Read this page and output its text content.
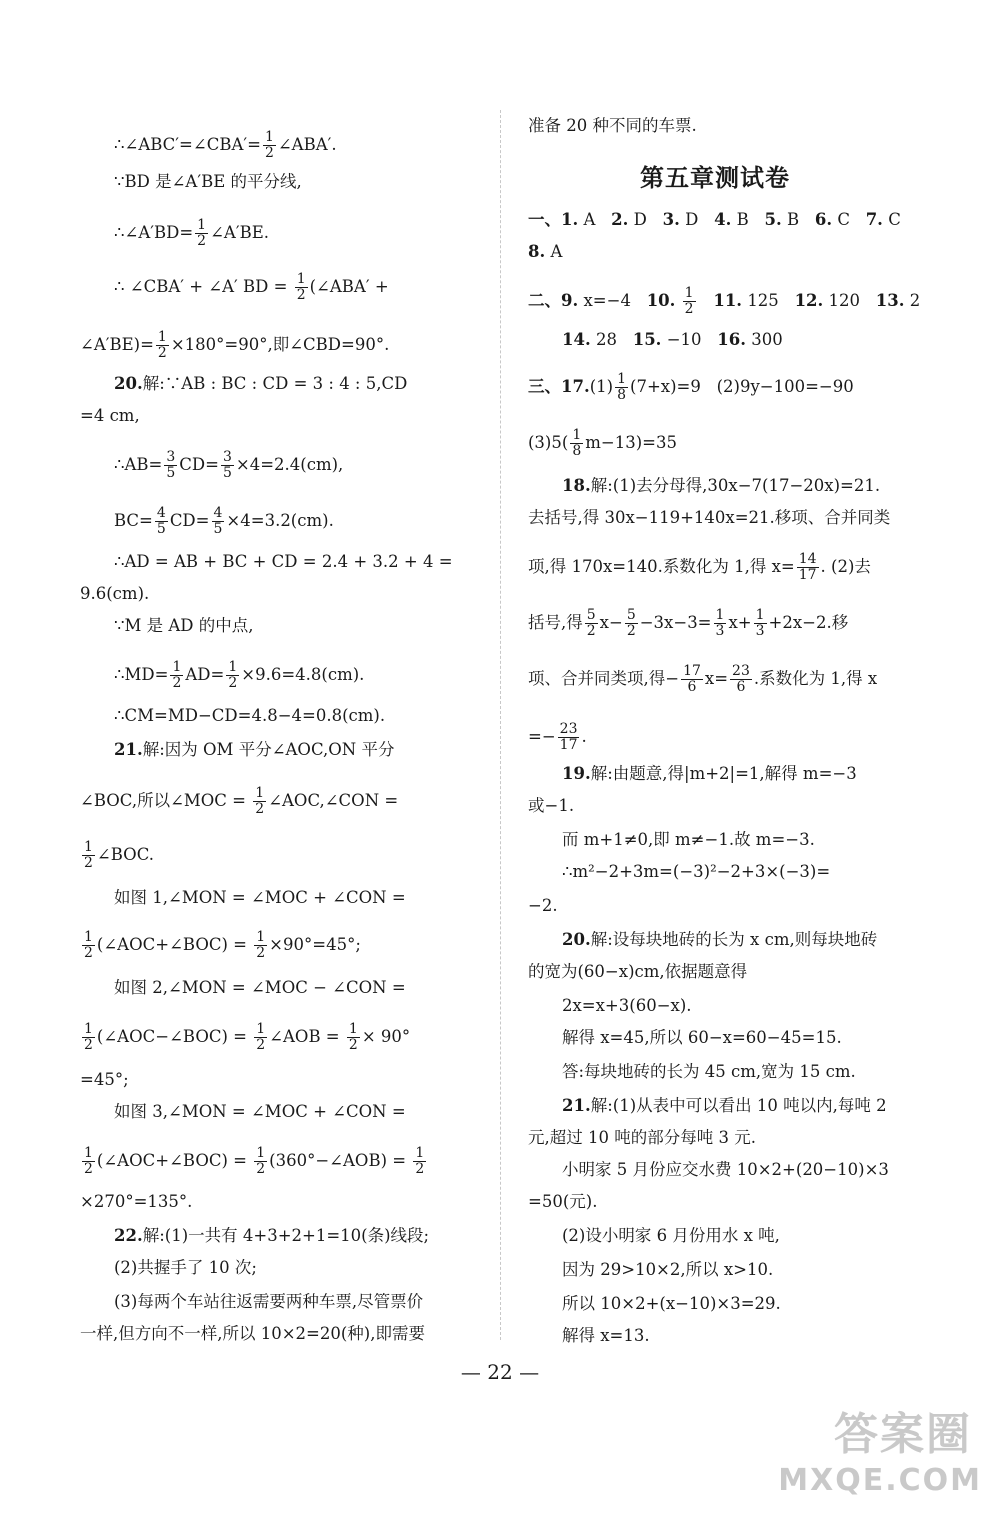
∴∠ABC′=∠CBA′= $\frac{1}{2}$ ∠ABA′.
∵BD 是∠A′BE 的平分线,
∴∠A′BD= $\frac{1}{2}$ ∠A′BE.
∴ ∠CBA′ + ∠A′ BD = $\frac{1}{2}$ (∠ABA′ +
∠A′BE)= $\frac{1}{2} \times 180^\circ=90^\circ$,即∠CBD=90°.
20.解:∵AB : BC : CD = 3 : 4 : 5,CD
=4 cm,
∴AB= $\frac{3}{5} CD= \frac{3}{5} \times 4=2.4(cm)$,
$BC= \frac{4}{5} CD= \frac{4}{5} \times 4=3.2(cm)$.
∴AD = AB + BC + CD = 2.4 + 3.2 + 4 =
9.6(cm).
∵M 是 AD 的中点,
∴MD= $\frac{1}{2} AD= \frac{1}{2} \times 9.6=4.8(cm)$.
∴CM=MD−CD=4.8−4=0.8(cm).
21.解:因为 OM 平分∠AOC,ON 平分
∠BOC,所以∠MOC = $\frac{1}{2}$ ∠AOC,∠CON =
$\frac{1}{2}$ ∠BOC.
如图 1,∠MON = ∠MOC + ∠CON =
$\frac{1}{2}$ (∠AOC+∠BOC) = $\frac{1}{2} \times 90^\circ=45^\circ$;
如图 2,∠MON = ∠MOC − ∠CON =
$\frac{1}{2}$ (∠AOC−∠BOC) = $\frac{1}{2}$ ∠AOB = $\frac{1}{2} \times 90^\circ$
=45°;
如图 3,∠MON = ∠MOC + ∠CON =
$\frac{1}{2}$ (∠AOC+∠BOC) = $\frac{1}{2}$ (360°−∠AOB) = $\frac{1}{2}$
×270°=135°.
22.解:(1)一共有 4+3+2+1=10(条)线段;
(2)共握手了 10 次;
(3)每两个车站往返需要两种车票,尽管票价
一样,但方向不一样,所以 10×2=20(种),即需要
准备 20 种不同的车票.
第五章测试卷
一、1. A 2. D 3. D 4. B 5. B 6. C 7. C
8. A
二、9. x=−4 10. $\frac{1}{2} 11$. 125 12. 120 13. 2
14. 28 15. −10 16. 300
三、$17.(1) \frac{1}{8} (7+x)=9$ (2)9y−100=−90
$(3)5( \frac{1}{8} m-13)=35$
18.解:(1)去分母得,30x−7(17−20x)=21.
去括号,得 30x−119+140x=21.移项、合并同类
项,得 170x=140.系数化为 1,得 $x= \frac{14}{17}$ . (2)去
括号,得 $\frac{5}{2} x- \frac{5}{2} -3x-3= \frac{1}{3} x+ \frac{1}{3} +2x-2$.移
项、合并同类项,得− $\frac{17}{6} x= \frac{23}{6}$ .系数化为 1,得 x
=− $\frac{23}{17}$ .
19.解:由题意,得|m+2|=1,解得 m=−3
或−1.
而 m+1≠0,即 m≠−1.故 m=−3.
∴m²−2+3m=(−3)²−2+3×(−3)=
−2.
20.解:设每块地砖的长为 x cm,则每块地砖
的宽为(60−x)cm,依据题意得
2x=x+3(60−x).
解得 x=45,所以 60−x=60−45=15.
答:每块地砖的长为 45 cm,宽为 15 cm.
21.解:(1)从表中可以看出 10 吨以内,每吨 2
元,超过 10 吨的部分每吨 3 元.
小明家 5 月份应交水费 10×2+(20−10)×3
=50(元).
(2)设小明家 6 月份用水 x 吨,
因为 29>10×2,所以 x>10.
所以 10×2+(x−10)×3=29.
解得 x=13.
— 22 —
答案圈
MXQE.COM
